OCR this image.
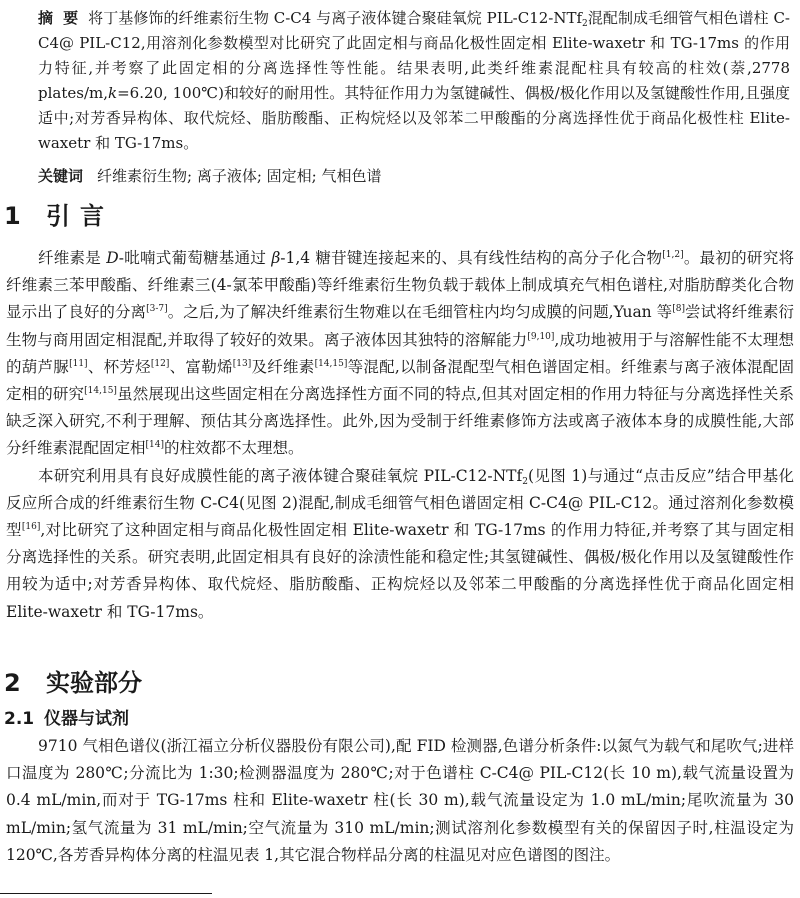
摘要将丁基修饰的纤维素衍生物 C-C4 与离子液体键合聚硅氧烷 PIL-C12-NTf$_2$混配制成毛细管气相色谱柱 C-C4@ PIL-C12,用溶剂化参数模型对比研究了此固定相与商品化极性固定相 Elite-waxetr 和 TG-17ms 的作用力特征,并考察了此固定相的分离选择性等性能。结果表明,此类纤维素混配柱具有较高的柱效(萘,2778 plates/m,k=6.20, 100℃)和较好的耐用性。其特征作用力为氢键碱性、偶极/极化作用以及氢键酸性作用,且强度适中;对芳香异构体、取代烷烃、脂肪酸酯、正构烷烃以及邻苯二甲酸酯的分离选择性优于商品化极性柱 Elite-waxetr 和 TG-17ms。

关键词 纤维素衍生物; 离子液体; 固定相; 气相色谱

1 引言

纤维素是 D-吡喃式葡萄糖基通过 β-1,4 糖苷键连接起来的、具有线性结构的高分子化合物[1,2]。最初的研究将纤维素三苯甲酸酯、纤维素三(4-氯苯甲酸酯)等纤维素衍生物负载于载体上制成填充气相色谱柱,对脂肪醇类化合物显示出了良好的分离[3-7]。之后,为了解决纤维素衍生物难以在毛细管柱内均匀成膜的问题,Yuan 等[8]尝试将纤维素衍生物与商用固定相混配,并取得了较好的效果。离子液体因其独特的溶解能力[9,10],成功地被用于与溶解性能不太理想的葫芦脲[11]、杯芳烃[12]、富勒烯[13]及纤维素[14,15]等混配,以制备混配型气相色谱固定相。纤维素与离子液体混配固定相的研究[14,15]虽然展现出这些固定相在分离选择性方面不同的特点,但其对固定相的作用力特征与分离选择性关系缺乏深入研究,不利于理解、预估其分离选择性。此外,因为受制于纤维素修饰方法或离子液体本身的成膜性能,大部分纤维素混配固定相[14]的柱效都不太理想。

本研究利用具有良好成膜性能的离子液体键合聚硅氧烷 PIL-C12-NTf$_2$(见图 1)与通过“点击反应”结合甲基化反应所合成的纤维素衍生物 C-C4(见图 2)混配,制成毛细管气相色谱固定相 C-C4@ PIL-C12。通过溶剂化参数模型[16],对比研究了这种固定相与商品化极性固定相 Elite-waxetr 和 TG-17ms 的作用力特征,并考察了其与固定相分离选择性的关系。研究表明,此固定相具有良好的涂渍性能和稳定性;其氢键碱性、偶极/极化作用以及氢键酸性作用较为适中;对芳香异构体、取代烷烃、脂肪酸酯、正构烷烃以及邻苯二甲酸酯的分离选择性优于商品化固定相 Elite-waxetr 和 TG-17ms。

2 实验部分
2.1 仪器与试剂

9710 气相色谱仪(浙江福立分析仪器股份有限公司),配 FID 检测器,色谱分析条件:以氮气为载气和尾吹气;进样口温度为 280℃;分流比为 1:30;检测器温度为 280℃;对于色谱柱 C-C4@ PIL-C12(长 10 m),载气流量设置为 0.4 mL/min,而对于 TG-17ms 柱和 Elite-waxetr 柱(长 30 m),载气流量设定为 1.0 mL/min;尾吹流量为 30 mL/min;氢气流量为 31 mL/min;空气流量为 310 mL/min;测试溶剂化参数模型有关的保留因子时,柱温设定为 120℃,各芳香异构体分离的柱温见表 1,其它混合物样品分离的柱温见对应色谱图的图注。
